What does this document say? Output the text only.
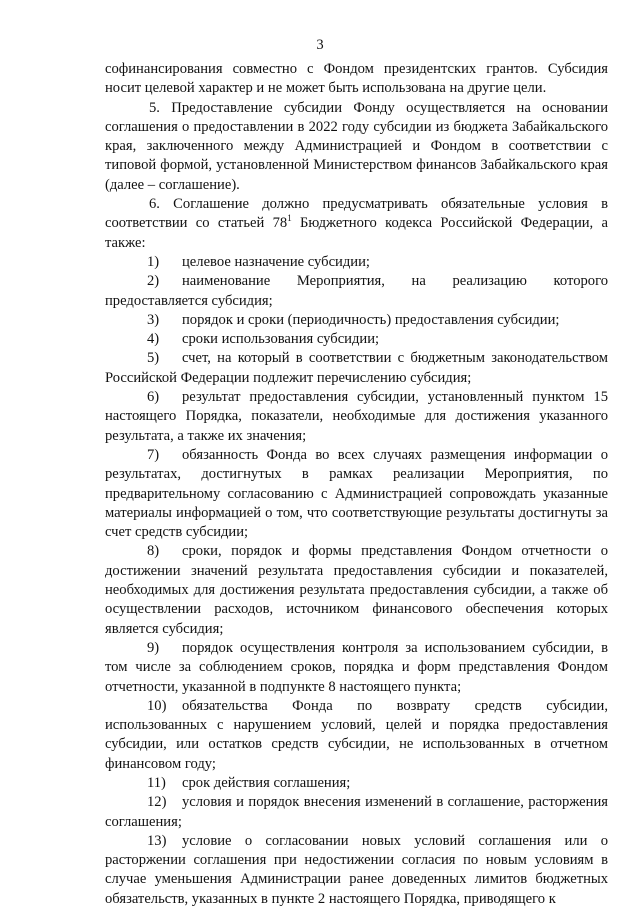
3

софинансирования совместно с Фондом президентских грантов. Субсидия носит целевой характер и не может быть использована на другие цели.

5. Предоставление субсидии Фонду осуществляется на основании соглашения о предоставлении в 2022 году субсидии из бюджета Забайкальского края, заключенного между Администрацией и Фондом в соответствии с типовой формой, установленной Министерством финансов Забайкальского края (далее – соглашение).

6. Соглашение должно предусматривать обязательные условия в соответствии со статьей $78^1$ Бюджетного кодекса Российской Федерации, а также:

1) целевое назначение субсидии;

2) наименование Мероприятия, на реализацию которого предоставляется субсидия;

3) порядок и сроки (периодичность) предоставления субсидии;

4) сроки использования субсидии;

5) счет, на который в соответствии с бюджетным законодательством Российской Федерации подлежит перечислению субсидия;

6) результат предоставления субсидии, установленный пунктом 15 настоящего Порядка, показатели, необходимые для достижения указанного результата, а также их значения;

7) обязанность Фонда во всех случаях размещения информации о результатах, достигнутых в рамках реализации Мероприятия, по предварительному согласованию с Администрацией сопровождать указанные материалы информацией о том, что соответствующие результаты достигнуты за счет средств субсидии;

8) сроки, порядок и формы представления Фондом отчетности о достижении значений результата предоставления субсидии и показателей, необходимых для достижения результата предоставления субсидии, а также об осуществлении расходов, источником финансового обеспечения которых является субсидия;

9) порядок осуществления контроля за использованием субсидии, в том числе за соблюдением сроков, порядка и форм представления Фондом отчетности, указанной в подпункте 8 настоящего пункта;

10) обязательства Фонда по возврату средств субсидии, использованных с нарушением условий, целей и порядка предоставления субсидии, или остатков средств субсидии, не использованных в отчетном финансовом году;

11) срок действия соглашения;

12) условия и порядок внесения изменений в соглашение, расторжения соглашения;

13) условие о согласовании новых условий соглашения или о расторжении соглашения при недостижении согласия по новым условиям в случае уменьшения Администрации ранее доведенных лимитов бюджетных обязательств, указанных в пункте 2 настоящего Порядка, приводящего к
